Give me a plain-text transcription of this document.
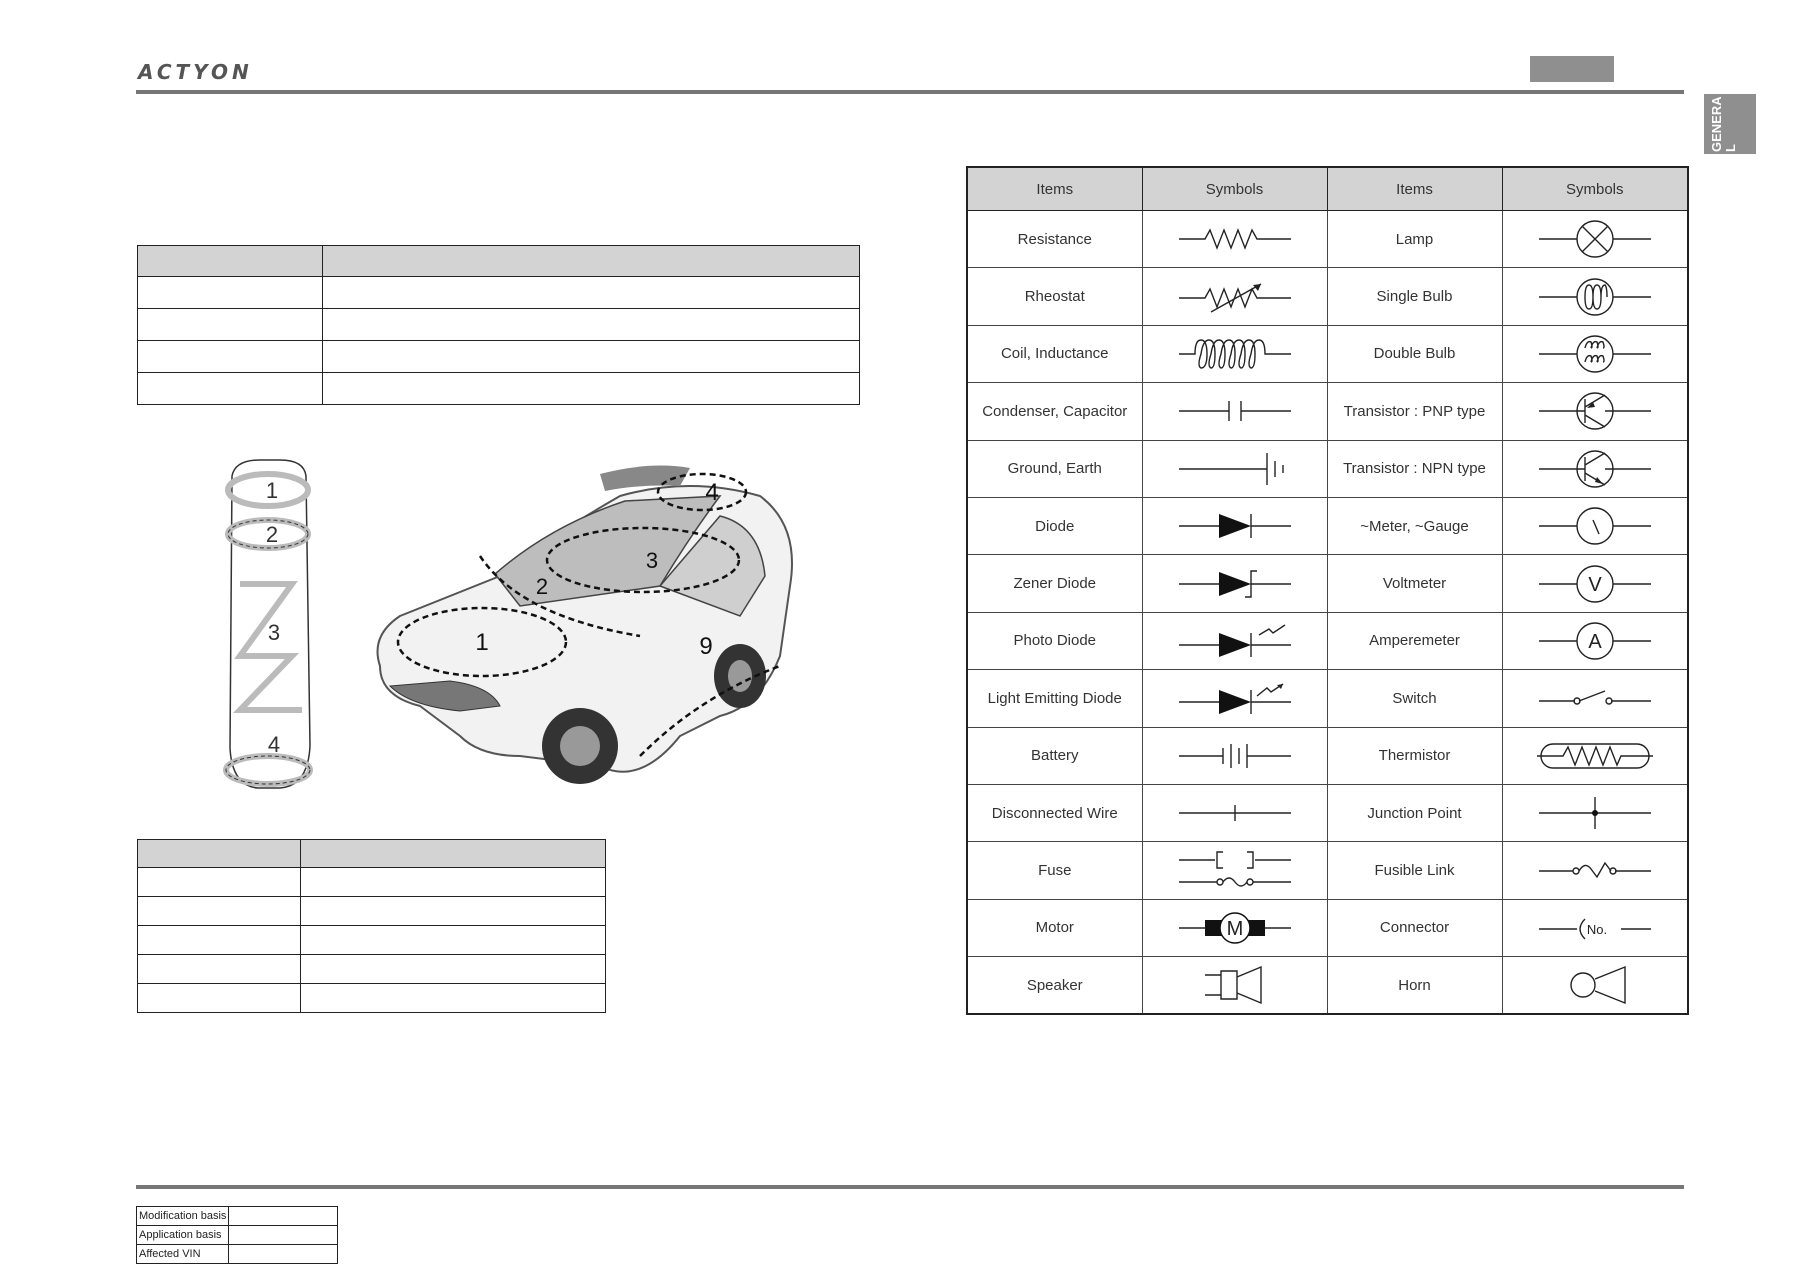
ACTYON
GENERA L

1
2
3
4
1
2
3
4
9

Items	Symbols	Items	Symbols
Resistance		Lamp	

Rheostat		Single Bulb	

Coil, Inductance		Double Bulb	

Condenser, Capacitor		Transistor : PNP type	

Ground, Earth		Transistor : NPN type	

Diode		~Meter, ~Gauge	

Zener Diode		Voltmeter	V

Photo Diode		Amperemeter	A

Light Emitting Diode		Switch	

Battery		Thermistor	

Disconnected Wire		Junction Point	

Fuse		Fusible Link	

Motor	M	Connector	No.

Speaker		Horn	
Modification basis	
Application basis	
Affected VIN	
